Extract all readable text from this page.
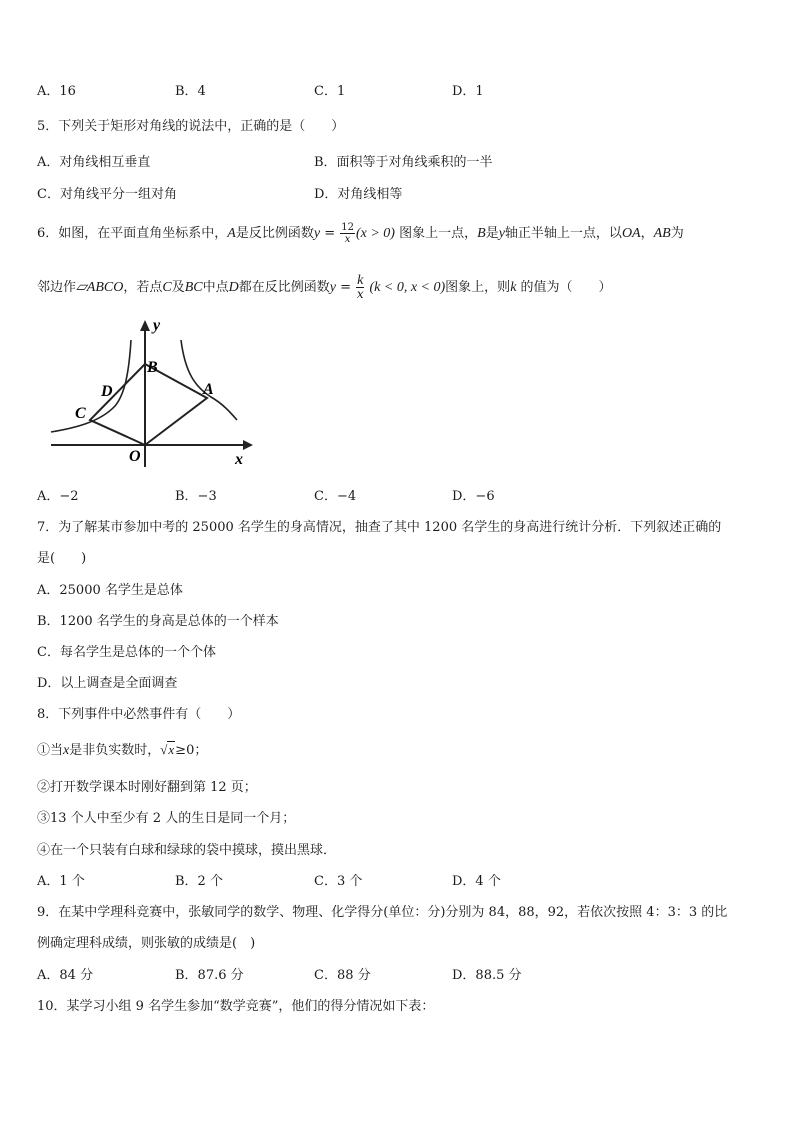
A．16	B．4	C．1	D．1
5．下列关于矩形对角线的说法中，正确的是（　　）
A．对角线相互垂直	B．面积等于对角线乘积的一半
C．对角线平分一组对角	D．对角线相等
6．如图，在平面直角坐标系中，A是反比例函数$y = \frac{12}{x} (x > 0)$ 图象上一点，B是y轴正半轴上一点，以OA，AB为
邻边作▱ABCO，若点C及BC中点D都在反比例函数$y = \frac{k}{x} (k < 0$, x < 0)图象上，则k 的值为（　　）
y
x
O
A
B
C
D
A．−2	B．−3	C．−4	D．−6
7．为了解某市参加中考的 25000 名学生的身高情况，抽查了其中 1200 名学生的身高进行统计分析．下列叙述正确的
是(　　)
A．25000 名学生是总体
B．1200 名学生的身高是总体的一个样本
C．每名学生是总体的一个个体
D．以上调查是全面调查
8．下列事件中必然事件有（　　）
①当x是非负实数时，√x≥0；
②打开数学课本时刚好翻到第 12 页；
③13 个人中至少有 2 人的生日是同一个月；
④在一个只装有白球和绿球的袋中摸球，摸出黑球．
A．1 个	B．2 个	C．3 个	D．4 个
9．在某中学理科竞赛中，张敏同学的数学、物理、化学得分(单位：分)分别为 84，88，92，若依次按照 4：3：3 的比
例确定理科成绩，则张敏的成绩是(　)
A．84 分	B．87.6 分	C．88 分	D．88.5 分
10．某学习小组 9 名学生参加“数学竞赛”，他们的得分情况如下表：
